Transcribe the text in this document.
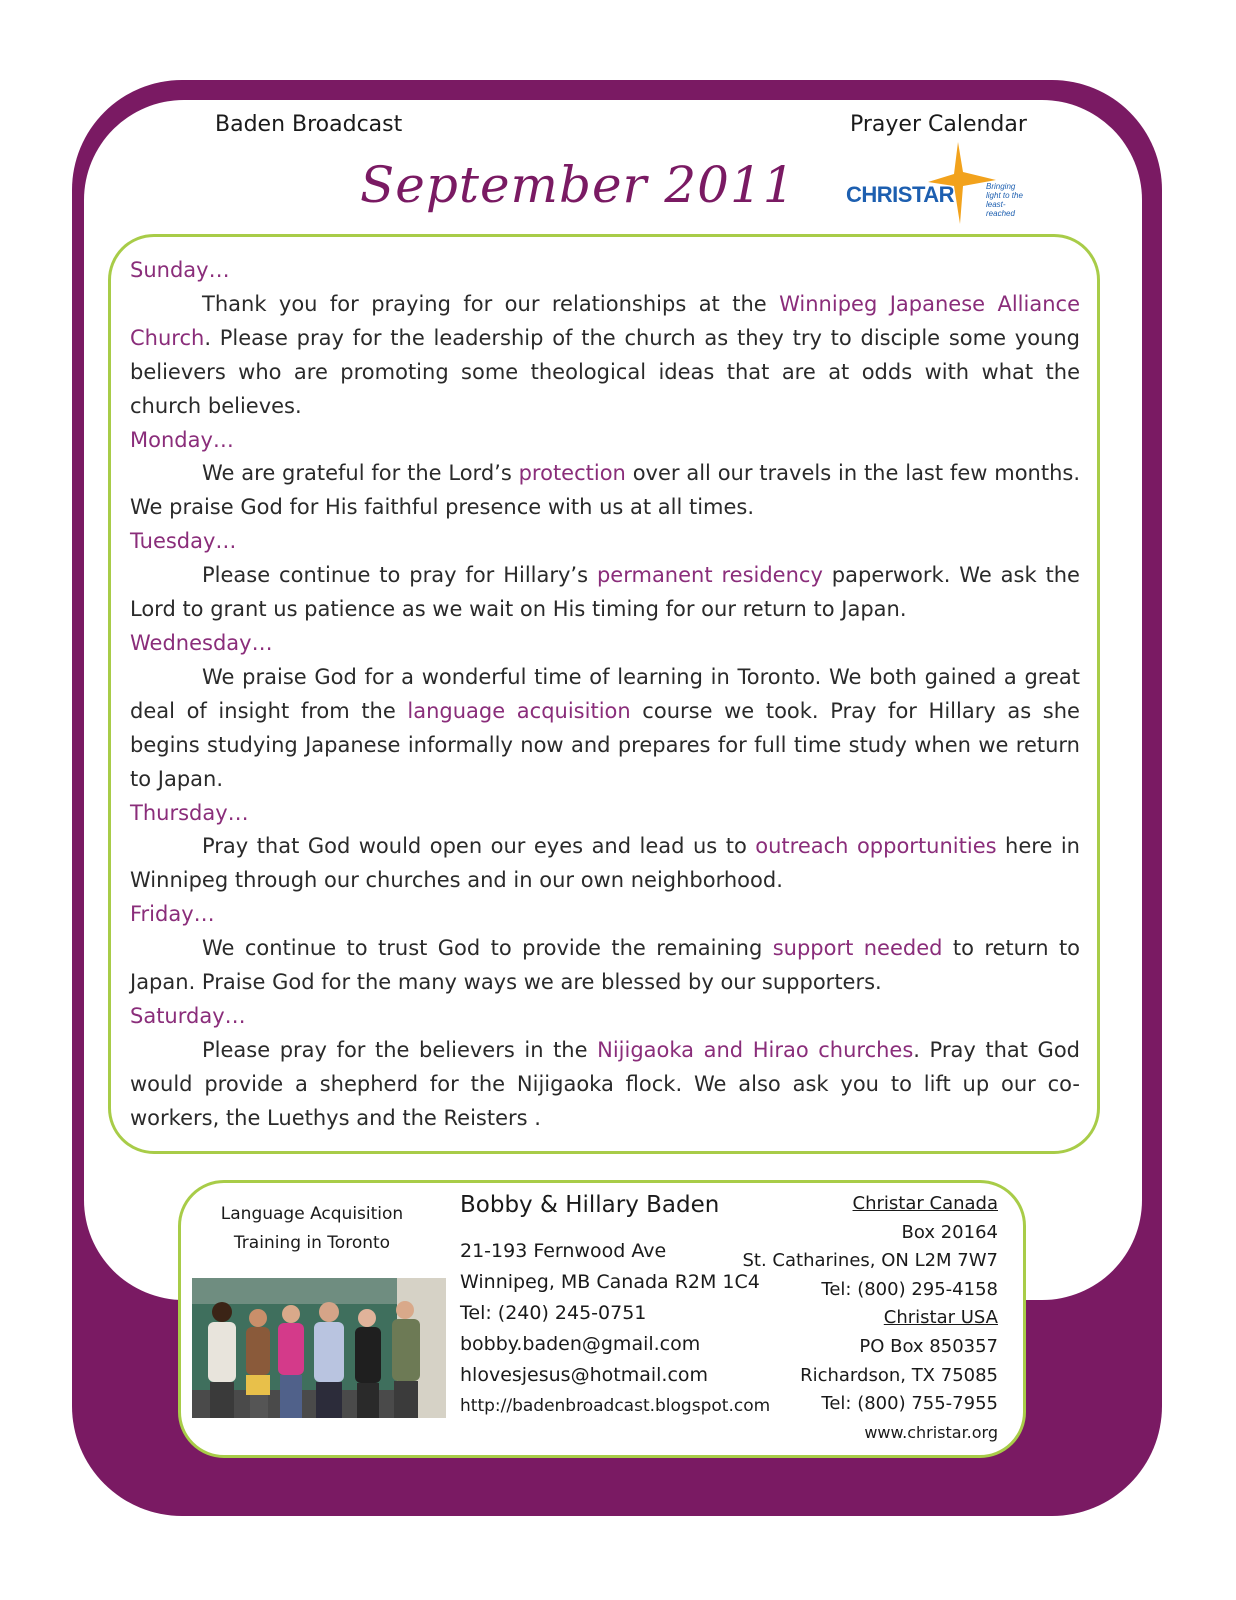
Baden Broadcast	Prayer Calendar
September 2011 CHRISTAR	Bringing light to the least-reached
Sunday…

Thank you for praying for our relationships at the Winnipeg Japanese Alliance Church. Please pray for the leadership of the church as they try to disciple some young believers who are promoting some theological ideas that are at odds with what the church believes.

Monday…

We are grateful for the Lord’s protection over all our travels in the last few months. We praise God for His faithful presence with us at all times.

Tuesday…

Please continue to pray for Hillary’s permanent residency paperwork. We ask the Lord to grant us patience as we wait on His timing for our return to Japan.

Wednesday…

We praise God for a wonderful time of learning in Toronto. We both gained a great deal of insight from the language acquisition course we took. Pray for Hillary as she begins studying Japanese informally now and prepares for full time study when we return to Japan.

Thursday…

Pray that God would open our eyes and lead us to outreach opportunities here in Winnipeg through our churches and in our own neighborhood.

Friday…

We continue to trust God to provide the remaining support needed to return to Japan. Praise God for the many ways we are blessed by our supporters.

Saturday…

Please pray for the believers in the Nijigaoka and Hirao churches. Pray that God would provide a shepherd for the Nijigaoka flock. We also ask you to lift up our co-workers, the Luethys and the Reisters .

Language Acquisition
Training in Toronto
Bobby & Hillary Baden
21-193 Fernwood Ave
Winnipeg, MB Canada R2M 1C4
Tel: (240) 245-0751
bobby.baden@gmail.com
hlovesjesus@hotmail.com
http://badenbroadcast.blogspot.com
Christar Canada
Box 20164
St. Catharines, ON L2M 7W7
Tel: (800) 295-4158
Christar USA
PO Box 850357
Richardson, TX 75085
Tel: (800) 755-7955
www.christar.org
